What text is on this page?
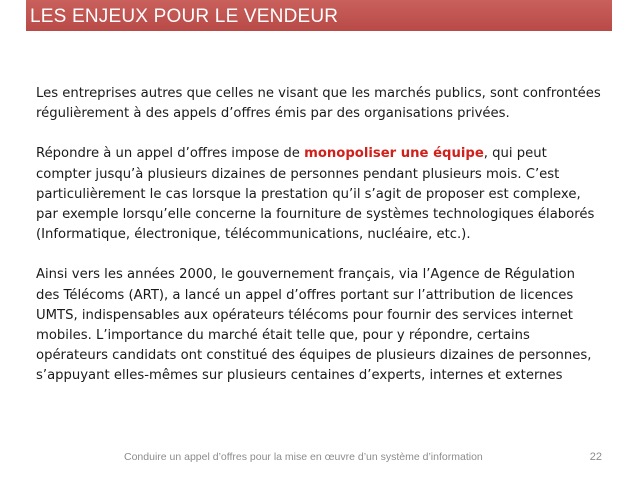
LES ENJEUX POUR LE VENDEUR

Les entreprises autres que celles ne visant que les marchés publics, sont confrontées régulièrement à des appels d’offres émis par des organisations privées.

Répondre à un appel d’offres impose de monopoliser une équipe, qui peut compter jusqu’à plusieurs dizaines de personnes pendant plusieurs mois. C’est particulièrement le cas lorsque la prestation qu’il s’agit de proposer est complexe, par exemple lorsqu’elle concerne la fourniture de systèmes technologiques élaborés (Informatique, électronique, télécommunications, nucléaire, etc.).

Ainsi vers les années 2000, le gouvernement français, via l’Agence de Régulation des Télécoms (ART), a lancé un appel d’offres portant sur l’attribution de licences UMTS, indispensables aux opérateurs télécoms pour fournir des services internet mobiles. L’importance du marché était telle que, pour y répondre, certains opérateurs candidats ont constitué des équipes de plusieurs dizaines de personnes, s’appuyant elles-mêmes sur plusieurs centaines d’experts, internes et externes

Conduire un appel d’offres pour la mise en œuvre d’un système d’information	22
